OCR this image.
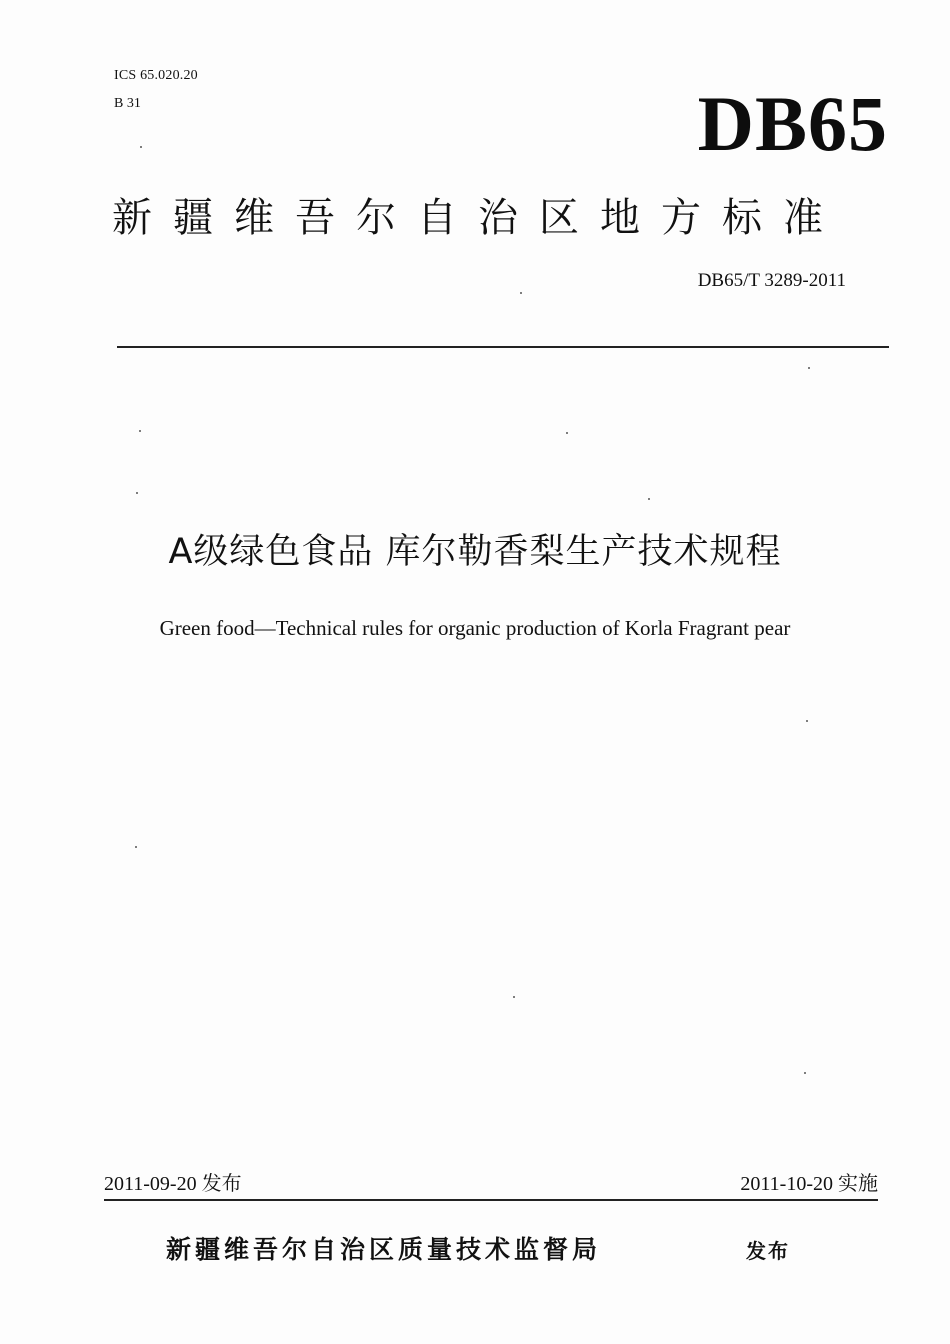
ICS 65.020.20
B 31	DB65
新疆维吾尔自治区地方标准
DB65/T 3289-2011
A级绿色食品 库尔勒香梨生产技术规程
Green food—Technical rules for organic production of Korla Fragrant pear
2011-09-20 发布	2011-10-20 实施
新疆维吾尔自治区质量技术监督局	发布
